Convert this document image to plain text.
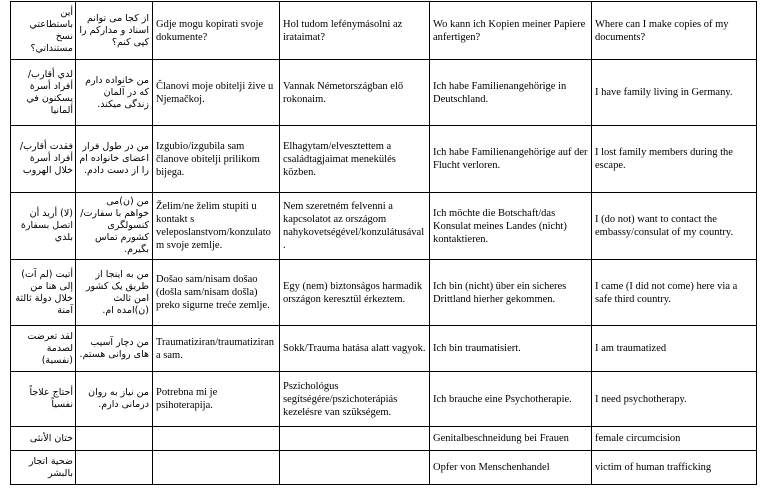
أين باستطاعتي نسخ مستنداتي؟	از کجا می توانم اسناد و مدارکم را کپی کنم؟	Gdje mogu kopirati svoje dokumente?	Hol tudom lefénymásolni az irataimat?	Wo kann ich Kopien meiner Papiere anfertigen?	Where can I make copies of my documents?
لدي أقارب/ أفراد أسرة يسكنون في ألمانيا	من خانواده دارم که در آلمان زندگی میکند.	Članovi moje obitelji žive u Njemačkoj.	Vannak Németországban elő rokonaim.	Ich habe Familienangehörige in Deutschland.	I have family living in Germany.
فقدت أقارب/ أفراد أسرة خلال الهروب	من در طول فرار اعضای خانواده ام را از دست دادم.	Izgubio/izgubila sam članove obitelji prilikom bijega.	Elhagytam/elvesztettem a családtagjaimat menekülés közben.	Ich habe Familienangehörige auf der Flucht verloren.	I lost family members during the escape.
(لا) أريد أن اتصل بسفارة بلدي	من (ن)می خواهم با سفارت/ کنسولگری کشورم تماس بگیرم.	Želim/ne želim stupiti u kontakt s veleposlanstvom/konzulatom svoje zemlje.	Nem szeretném felvenni a kapcsolatot az országom nahykovetségével/konzulátusával.	Ich möchte die Botschaft/das Konsulat meines Landes (nicht) kontaktieren.	I (do not) want to contact the embassy/consulat of my country.
أتيت (لم آت) إلى هنا من خلال دولة ثالثة آمنة	من به اینجا از طریق یک کشور امن ثالث (ن)امده ام.	Došao sam/nisam došao (došla sam/nisam došla) preko sigurne treće zemlje.	Egy (nem) biztonságos harmadik országon keresztül érkeztem.	Ich bin (nicht) über ein sicheres Drittland hierher gekommen.	I came (I did not come) here via a safe third country.
لقد تعرضت لصدمة (نفسية)	من دچار آسیب های روانی هستم.	Traumatiziran/traumatizirana sam.	Sokk/Trauma hatása alatt vagyok.	Ich bin traumatisiert.	I am traumatized
أحتاج علاجاً نفسياً	من نیاز به روان درمانی دارم.	Potrebna mi je psihoterapija.	Pszichológus segítségére/pszichoterápiás kezelésre van szükségem.	Ich brauche eine Psychotherapie.	I need psychotherapy.
ختان الأنثى				Genitalbeschneidung bei Frauen	female circumcision
ضحية اتجار بالبشر				Opfer von Menschenhandel	victim of human trafficking
